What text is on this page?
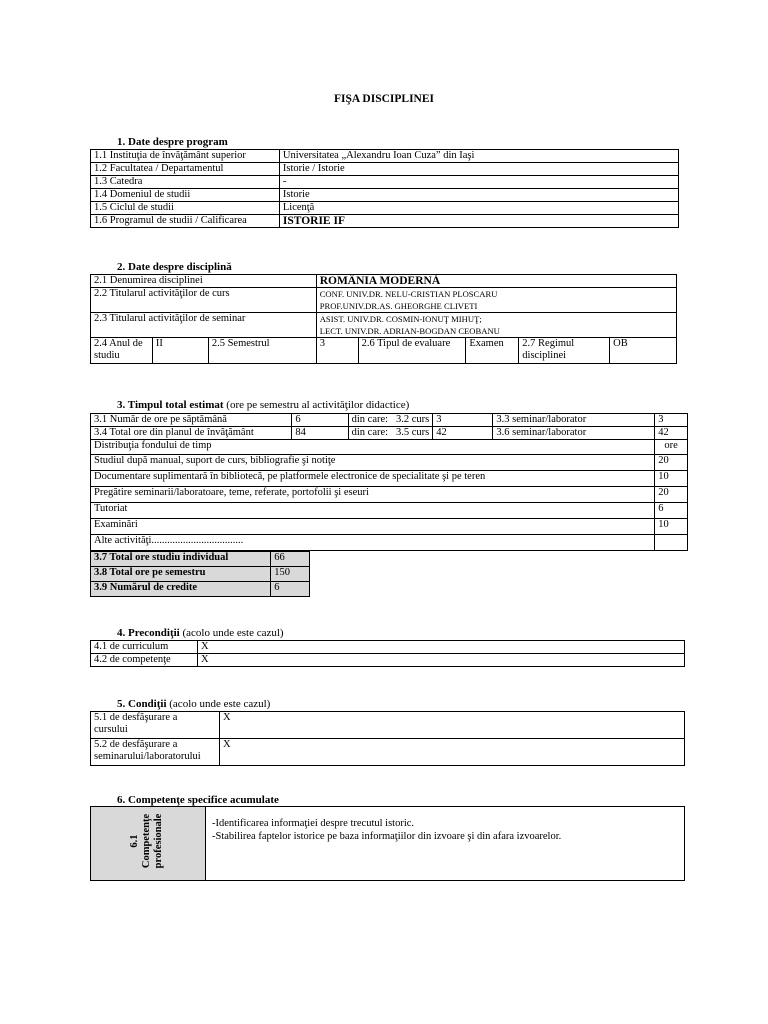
FIŞA DISCIPLINEI
1. Date despre program
1.1 Instituţia de învăţământ superior	Universitatea „Alexandru Ioan Cuza” din Iaşi
1.2 Facultatea / Departamentul	Istorie / Istorie
1.3 Catedra	-
1.4 Domeniul de studii	Istorie
1.5 Ciclul de studii	Licenţă
1.6 Programul de studii / Calificarea	ISTORIE IF
2. Date despre disciplină
2.1 Denumirea disciplinei			ROMÂNIA MODERNĂ				
2.2 Titularul activităţilor de curs			CONF. UNIV.DR. NELU-CRISTIAN PLOSCARU
PROF.UNIV.DR.AS. GHEORGHE CLIVETI				

2.3 Titularul activităţilor de seminar			ASIST. UNIV.DR. COSMIN-IONUŢ MIHUŢ;
LECT. UNIV.DR. ADRIAN-BOGDAN CEOBANU				

2.4 Anul de studiu	II	2.5 Semestrul	3	2.6 Tipul de evaluare	Examen	2.7 Regimul disciplinei	OB
3. Timpul total estimat (ore pe semestru al activităţilor didactice)
3.1 Număr de ore pe săptămână	6	din care: 3.2 curs	3	3.3 seminar/laborator	3
3.4 Total ore din planul de învăţământ	84	din care: 3.5 curs	42	3.6 seminar/laborator	42
Distribuţia fondului de timp					ore
Studiul după manual, suport de curs, bibliografie şi notiţe					20
Documentare suplimentară în bibliotecă, pe platformele electronice de specialitate şi pe teren					10
Pregătire seminarii/laboratoare, teme, referate, portofolii şi eseuri					20
Tutoriat					6
Examinări					10
Alte activităţi...................................					
3.7 Total ore studiu individual	66
3.8 Total ore pe semestru	150
3.9 Numărul de credite	6
4. Precondiţii (acolo unde este cazul)
4.1 de curriculum	X
4.2 de competenţe	X
5. Condiţii (acolo unde este cazul)
5.1 de desfăşurare a
cursului	X

5.2 de desfăşurare a
seminarului/laboratorului	X
6. Competenţe specifice acumulate
6.1
Competenţe
profesionale	-Identificarea informaţiei despre trecutul istoric.
-Stabilirea faptelor istorice pe baza informaţiilor din izvoare şi din afara izvoarelor.
